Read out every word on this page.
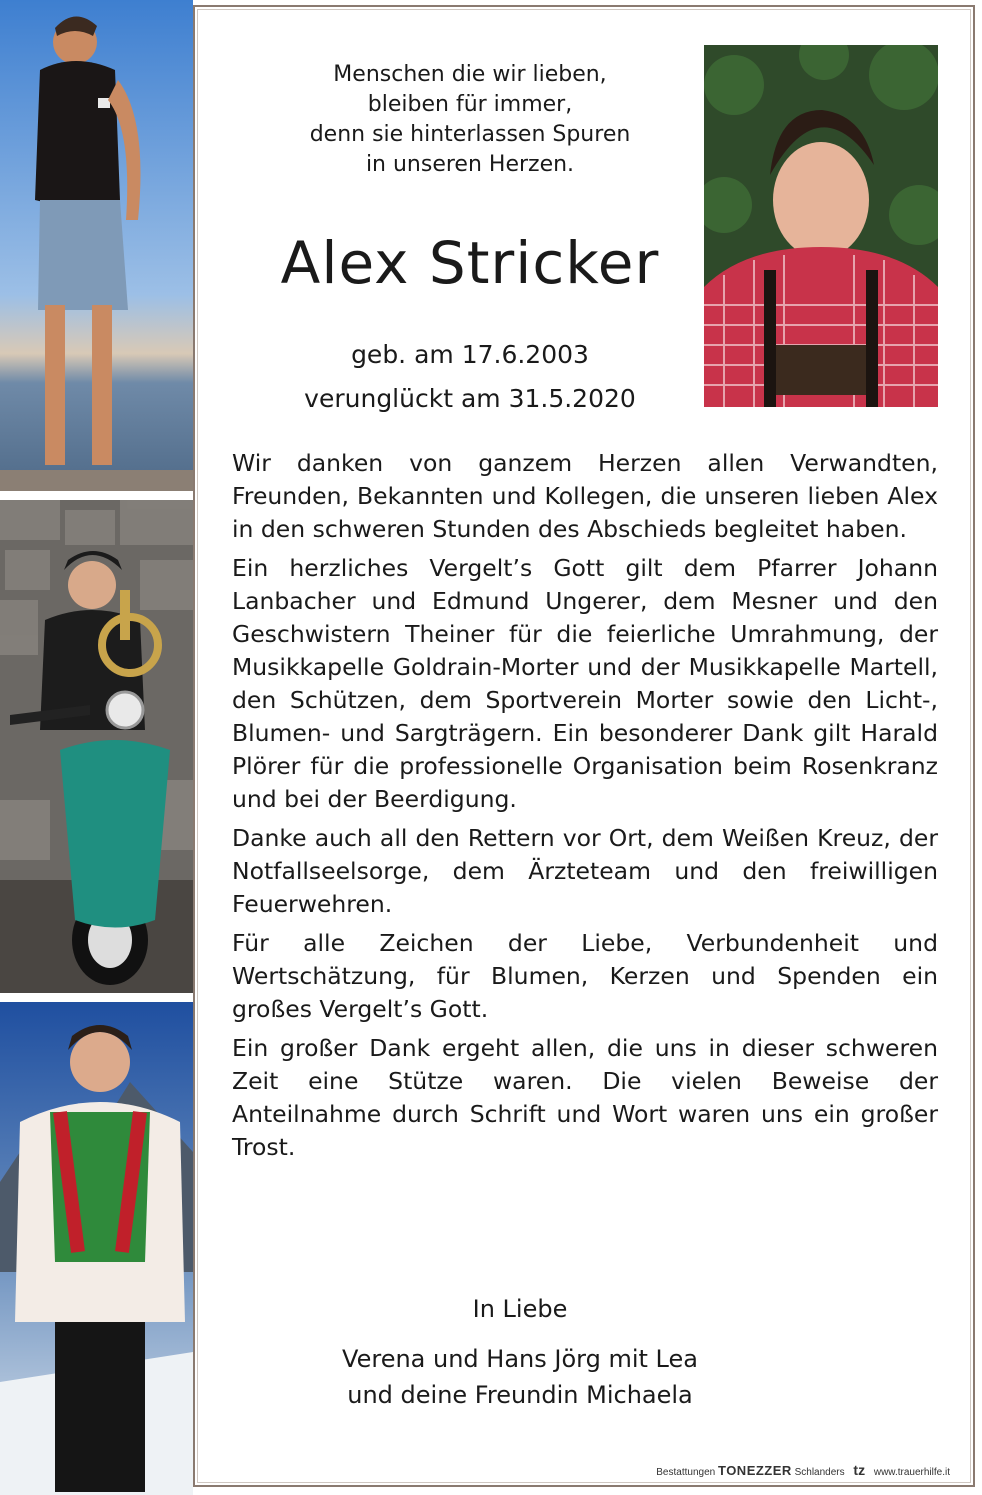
Menschen die wir lieben,
bleiben für immer,
denn sie hinterlassen Spuren
in unseren Herzen.
Alex Stricker
geb. am 17.6.2003
verunglückt am 31.5.2020

Wir danken von ganzem Herzen allen Verwandten, Freunden, Bekannten und Kollegen, die unseren lieben Alex in den schweren Stunden des Abschieds begleitet haben.

Ein herzliches Vergelt’s Gott gilt dem Pfarrer Johann Lanbacher und Edmund Ungerer, dem Mesner und den Geschwistern Theiner für die feierliche Umrahmung, der Musikkapelle Goldrain-Morter und der Musikkapelle Martell, den Schützen, dem Sportverein Morter sowie den Licht-, Blumen- und Sargträgern. Ein besonderer Dank gilt Harald Plörer für die professionelle Organisation beim Rosenkranz und bei der Beerdigung.

Danke auch all den Rettern vor Ort, dem Weißen Kreuz, der Notfallseelsorge, dem Ärzteteam und den freiwilligen Feuerwehren.

Für alle Zeichen der Liebe, Verbundenheit und Wertschätzung, für Blumen, Kerzen und Spenden ein großes Vergelt’s Gott.

Ein großer Dank ergeht allen, die uns in dieser schweren Zeit eine Stütze waren. Die vielen Beweise der Anteilnahme durch Schrift und Wort waren uns ein großer Trost.

In Liebe
Verena und Hans Jörg mit Lea
und deine Freundin Michaela
Bestattungen TONEZZER Schlanders tz www.trauerhilfe.it
